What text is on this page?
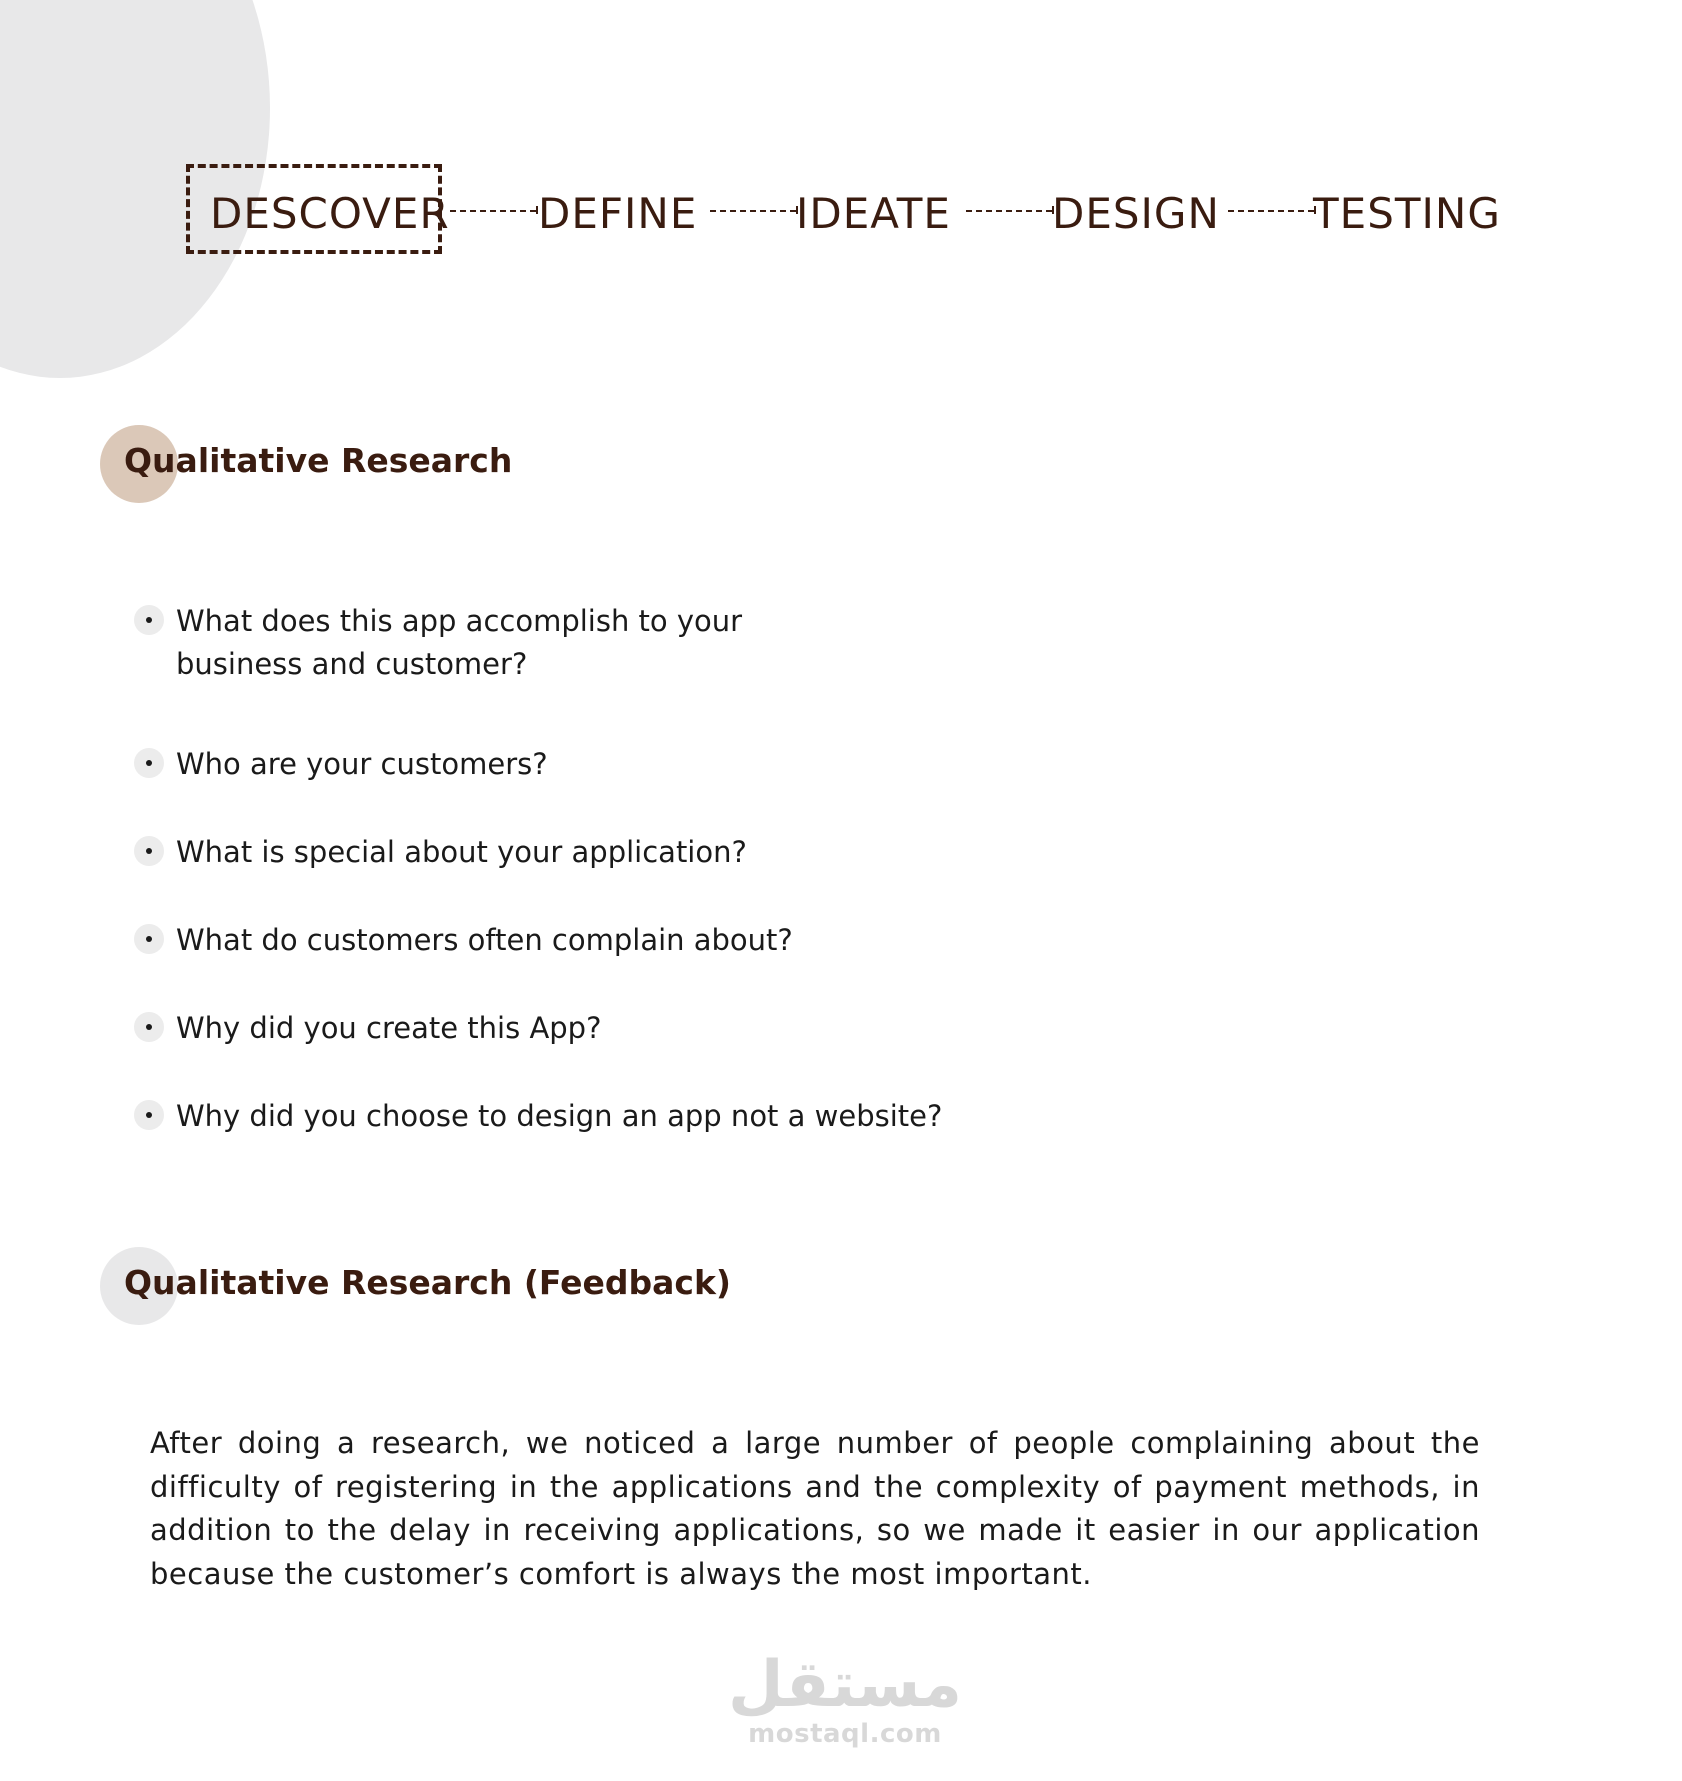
DESCOVER DEFINE IDEATE DESIGN TESTING
Qualitative Research
What does this app accomplish to your business and customer?
Who are your customers?
What is special about your application?
What do customers often complain about?
Why did you create this App?
Why did you choose to design an app not a website?
Qualitative Research (Feedback)

After doing a research, we noticed a large number of people complaining about the difficulty of registering in the applications and the complexity of payment methods, in addition to the delay in receiving applications, so we made it easier in our application because the customer’s comfort is always the most important.

مستقل
mostaql.com
